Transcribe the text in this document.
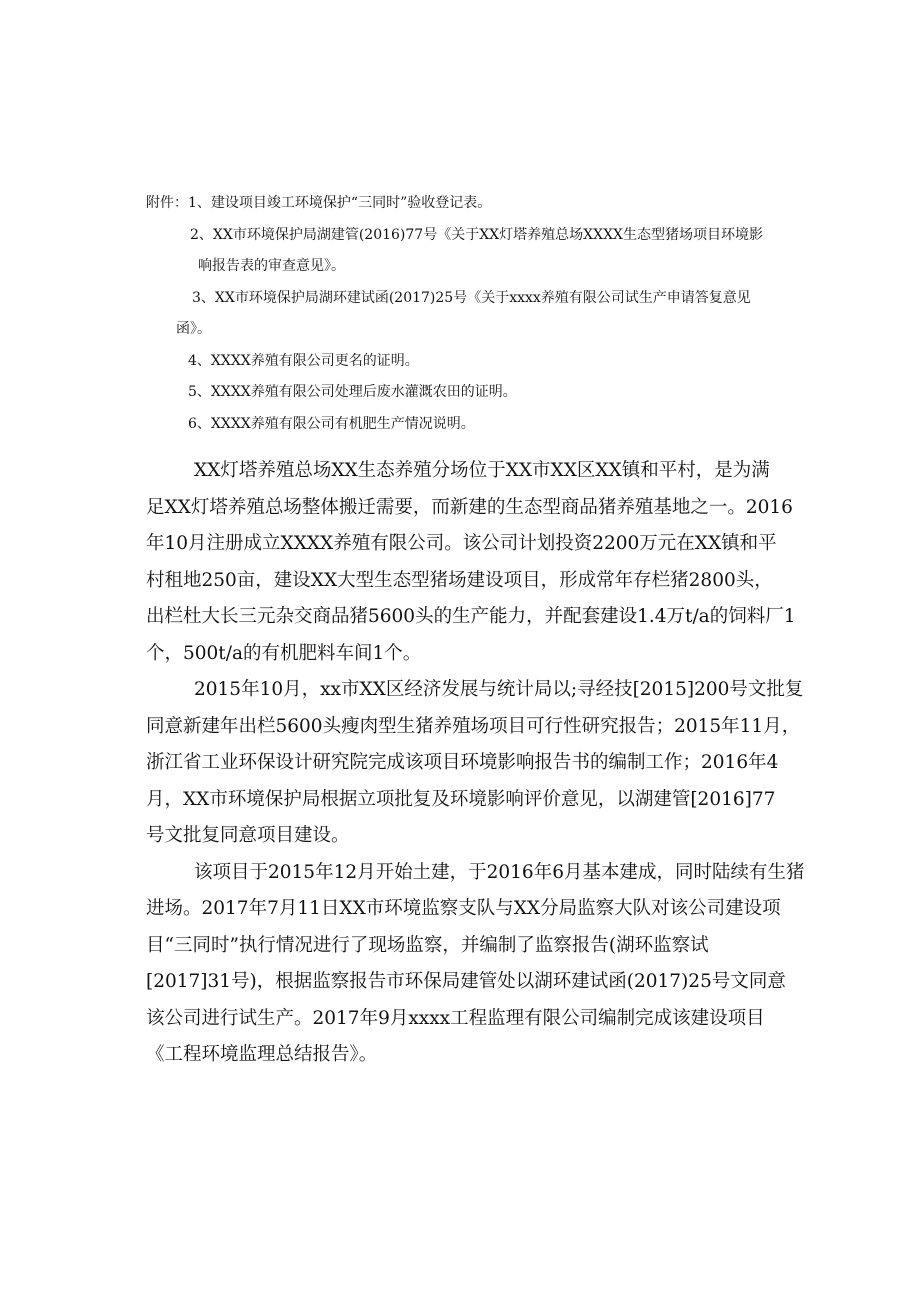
附件：1、建设项目竣工环境保护“三同时”验收登记表。
2、XX市环境保护局湖建管(2016)77号《关于XX灯塔养殖总场XXXX生态型猪场项目环境影
响报告表的审查意见》。
3、XX市环境保护局湖环建试函(2017)25号《关于xxxx养殖有限公司试生产申请答复意见
函》。
4、XXXX养殖有限公司更名的证明。
5、XXXX养殖有限公司处理后废水灌溉农田的证明。
6、XXXX养殖有限公司有机肥生产情况说明。
XX灯塔养殖总场XX生态养殖分场位于XX市XX区XX镇和平村，是为满
足XX灯塔养殖总场整体搬迁需要，而新建的生态型商品猪养殖基地之一。2016
年10月注册成立XXXX养殖有限公司。该公司计划投资2200万元在XX镇和平
村租地250亩，建设XX大型生态型猪场建设项目，形成常年存栏猪2800头，
出栏杜大长三元杂交商品猪5600头的生产能力，并配套建设1.4万t/a的饲料厂1
个，500t/a的有机肥料车间1个。
2015年10月，xx市XX区经济发展与统计局以;寻经技[2015]200号文批复
同意新建年出栏5600头瘦肉型生猪养殖场项目可行性研究报告；2015年11月，
浙江省工业环保设计研究院完成该项目环境影响报告书的编制工作；2016年4
月，XX市环境保护局根据立项批复及环境影响评价意见，以湖建管[2016]77
号文批复同意项目建设。
该项目于2015年12月开始土建，于2016年6月基本建成，同时陆续有生猪
进场。2017年7月11日XX市环境监察支队与XX分局监察大队对该公司建设项
目“三同时”执行情况进行了现场监察，并编制了监察报告(湖环监察试
[2017]31号)，根据监察报告市环保局建管处以湖环建试函(2017)25号文同意
该公司进行试生产。2017年9月xxxx工程监理有限公司编制完成该建设项目
《工程环境监理总结报告》。
